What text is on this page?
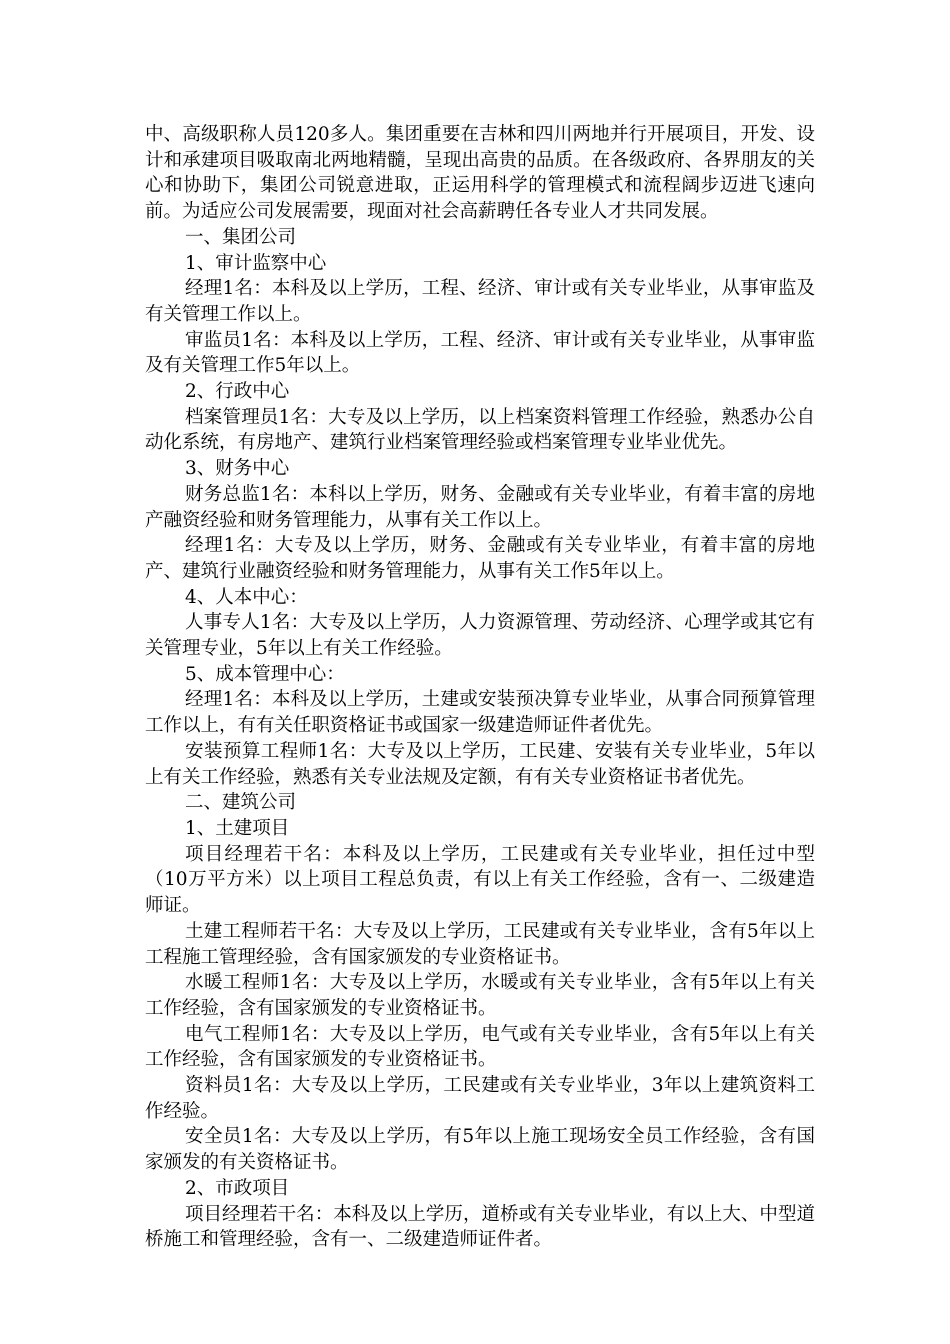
中、高级职称人员120多人。集团重要在吉林和四川两地并行开展项目，开发、设计和承建项目吸取南北两地精髓，呈现出高贵的品质。在各级政府、各界朋友的关心和协助下，集团公司锐意进取，正运用科学的管理模式和流程阔步迈进飞速向前。为适应公司发展需要，现面对社会高薪聘任各专业人才共同发展。

一、集团公司

1、审计监察中心

经理1名：本科及以上学历，工程、经济、审计或有关专业毕业，从事审监及有关管理工作以上。

审监员1名：本科及以上学历，工程、经济、审计或有关专业毕业，从事审监及有关管理工作5年以上。

2、行政中心

档案管理员1名：大专及以上学历，以上档案资料管理工作经验，熟悉办公自动化系统，有房地产、建筑行业档案管理经验或档案管理专业毕业优先。

3、财务中心

财务总监1名：本科以上学历，财务、金融或有关专业毕业，有着丰富的房地产融资经验和财务管理能力，从事有关工作以上。

经理1名：大专及以上学历，财务、金融或有关专业毕业，有着丰富的房地产、建筑行业融资经验和财务管理能力，从事有关工作5年以上。

4、人本中心：

人事专人1名：大专及以上学历，人力资源管理、劳动经济、心理学或其它有关管理专业，5年以上有关工作经验。

5、成本管理中心：

经理1名：本科及以上学历，土建或安装预决算专业毕业，从事合同预算管理工作以上，有有关任职资格证书或国家一级建造师证件者优先。

安装预算工程师1名：大专及以上学历，工民建、安装有关专业毕业，5年以上有关工作经验，熟悉有关专业法规及定额，有有关专业资格证书者优先。

二、建筑公司

1、土建项目

项目经理若干名：本科及以上学历，工民建或有关专业毕业，担任过中型（10万平方米）以上项目工程总负责，有以上有关工作经验，含有一、二级建造师证。

土建工程师若干名：大专及以上学历，工民建或有关专业毕业，含有5年以上工程施工管理经验，含有国家颁发的专业资格证书。

水暖工程师1名：大专及以上学历，水暖或有关专业毕业，含有5年以上有关工作经验，含有国家颁发的专业资格证书。

电气工程师1名：大专及以上学历，电气或有关专业毕业，含有5年以上有关工作经验，含有国家颁发的专业资格证书。

资料员1名：大专及以上学历，工民建或有关专业毕业，3年以上建筑资料工作经验。

安全员1名：大专及以上学历，有5年以上施工现场安全员工作经验，含有国家颁发的有关资格证书。

2、市政项目

项目经理若干名：本科及以上学历，道桥或有关专业毕业，有以上大、中型道桥施工和管理经验，含有一、二级建造师证件者。
